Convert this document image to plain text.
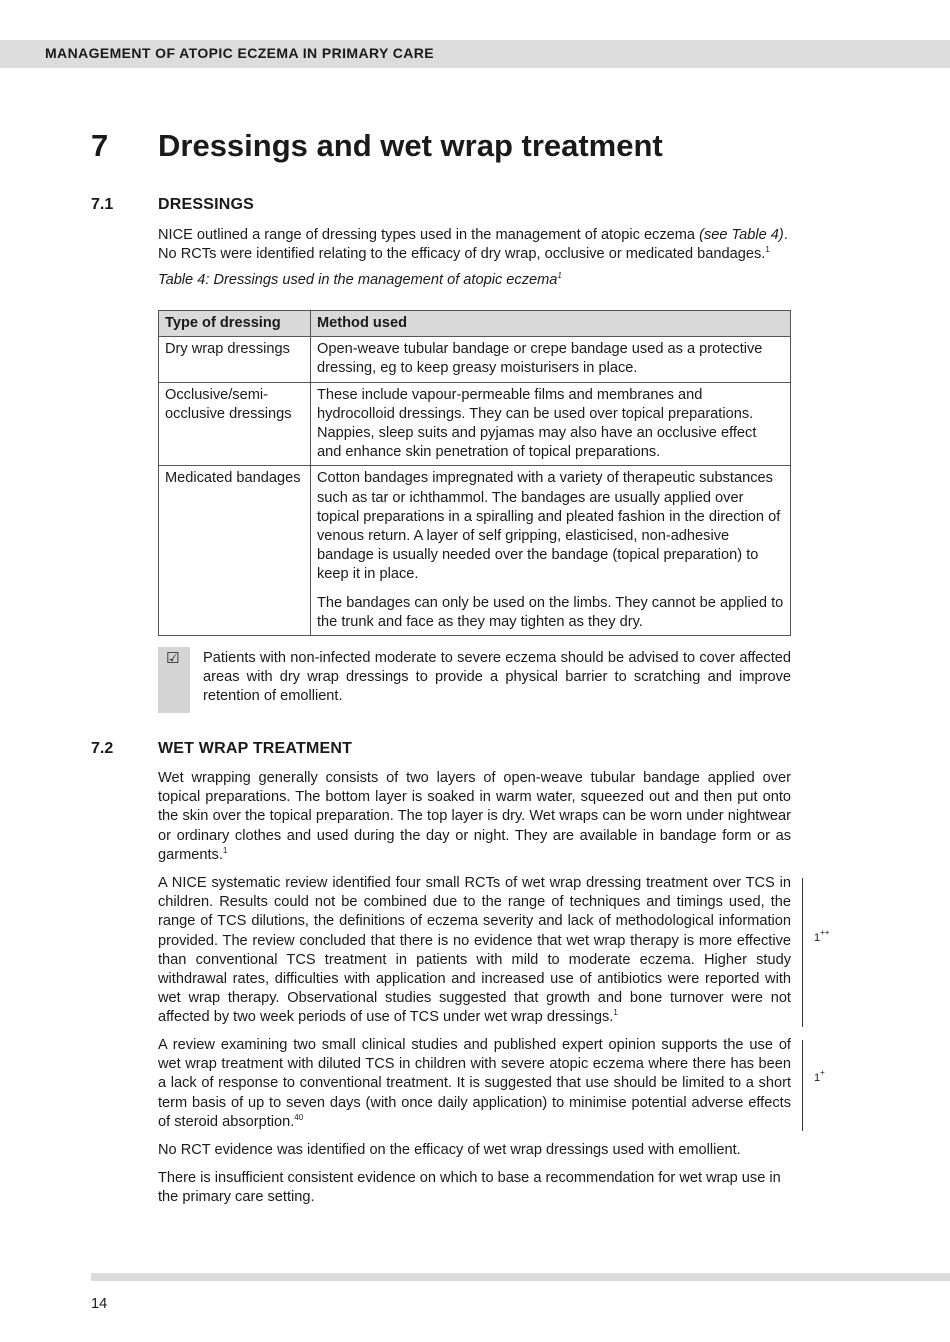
MANAGEMENT OF ATOPIC ECZEMA IN PRIMARY CARE
7 Dressings and wet wrap treatment
7.1	DRESSINGS

NICE outlined a range of dressing types used in the management of atopic eczema (see Table 4). No RCTs were identified relating to the efficacy of dry wrap, occlusive or medicated bandages.$^1$

Table 4: Dressings used in the management of atopic eczema$^1$
Type of dressing	Method used
Dry wrap dressings	Open-weave tubular bandage or crepe bandage used as a protective dressing, eg to keep greasy moisturisers in place.
Occlusive/semi-occlusive dressings	These include vapour-permeable films and membranes and hydrocolloid dressings. They can be used over topical preparations. Nappies, sleep suits and pyjamas may also have an occlusive effect and enhance skin penetration of topical preparations.
Medicated bandages	Cotton bandages impregnated with a variety of therapeutic substances such as tar or ichthammol. The bandages are usually applied over topical preparations in a spiralling and pleated fashion in the direction of venous return. A layer of self gripping, elasticised, non-adhesive bandage is usually needed over the bandage (topical preparation) to keep it in place.

The bandages can only be used on the limbs. They cannot be applied to the trunk and face as they may tighten as they dry.

☑ Patients with non-infected moderate to severe eczema should be advised to cover affected areas with dry wrap dressings to provide a physical barrier to scratching and improve retention of emollient.

7.2	WET WRAP TREATMENT

Wet wrapping generally consists of two layers of open-weave tubular bandage applied over topical preparations. The bottom layer is soaked in warm water, squeezed out and then put onto the skin over the topical preparation. The top layer is dry. Wet wraps can be worn under nightwear or ordinary clothes and used during the day or night. They are available in bandage form or as garments.$^1$

A NICE systematic review identified four small RCTs of wet wrap dressing treatment over TCS in children. Results could not be combined due to the range of techniques and timings used, the range of TCS dilutions, the definitions of eczema severity and lack of methodological information provided. The review concluded that there is no evidence that wet wrap therapy is more effective than conventional TCS treatment in patients with mild to moderate eczema. Higher study withdrawal rates, difficulties with application and increased use of antibiotics were reported with wet wrap therapy. Observational studies suggested that growth and bone turnover were not affected by two week periods of use of TCS under wet wrap dressings.$^1$

A review examining two small clinical studies and published expert opinion supports the use of wet wrap treatment with diluted TCS in children with severe atopic eczema where there has been a lack of response to conventional treatment. It is suggested that use should be limited to a short term basis of up to seven days (with once daily application) to minimise potential adverse effects of steroid absorption.$^{40}$

No RCT evidence was identified on the efficacy of wet wrap dressings used with emollient.

There is insufficient consistent evidence on which to base a recommendation for wet wrap use in the primary care setting.

1++
1+
14
